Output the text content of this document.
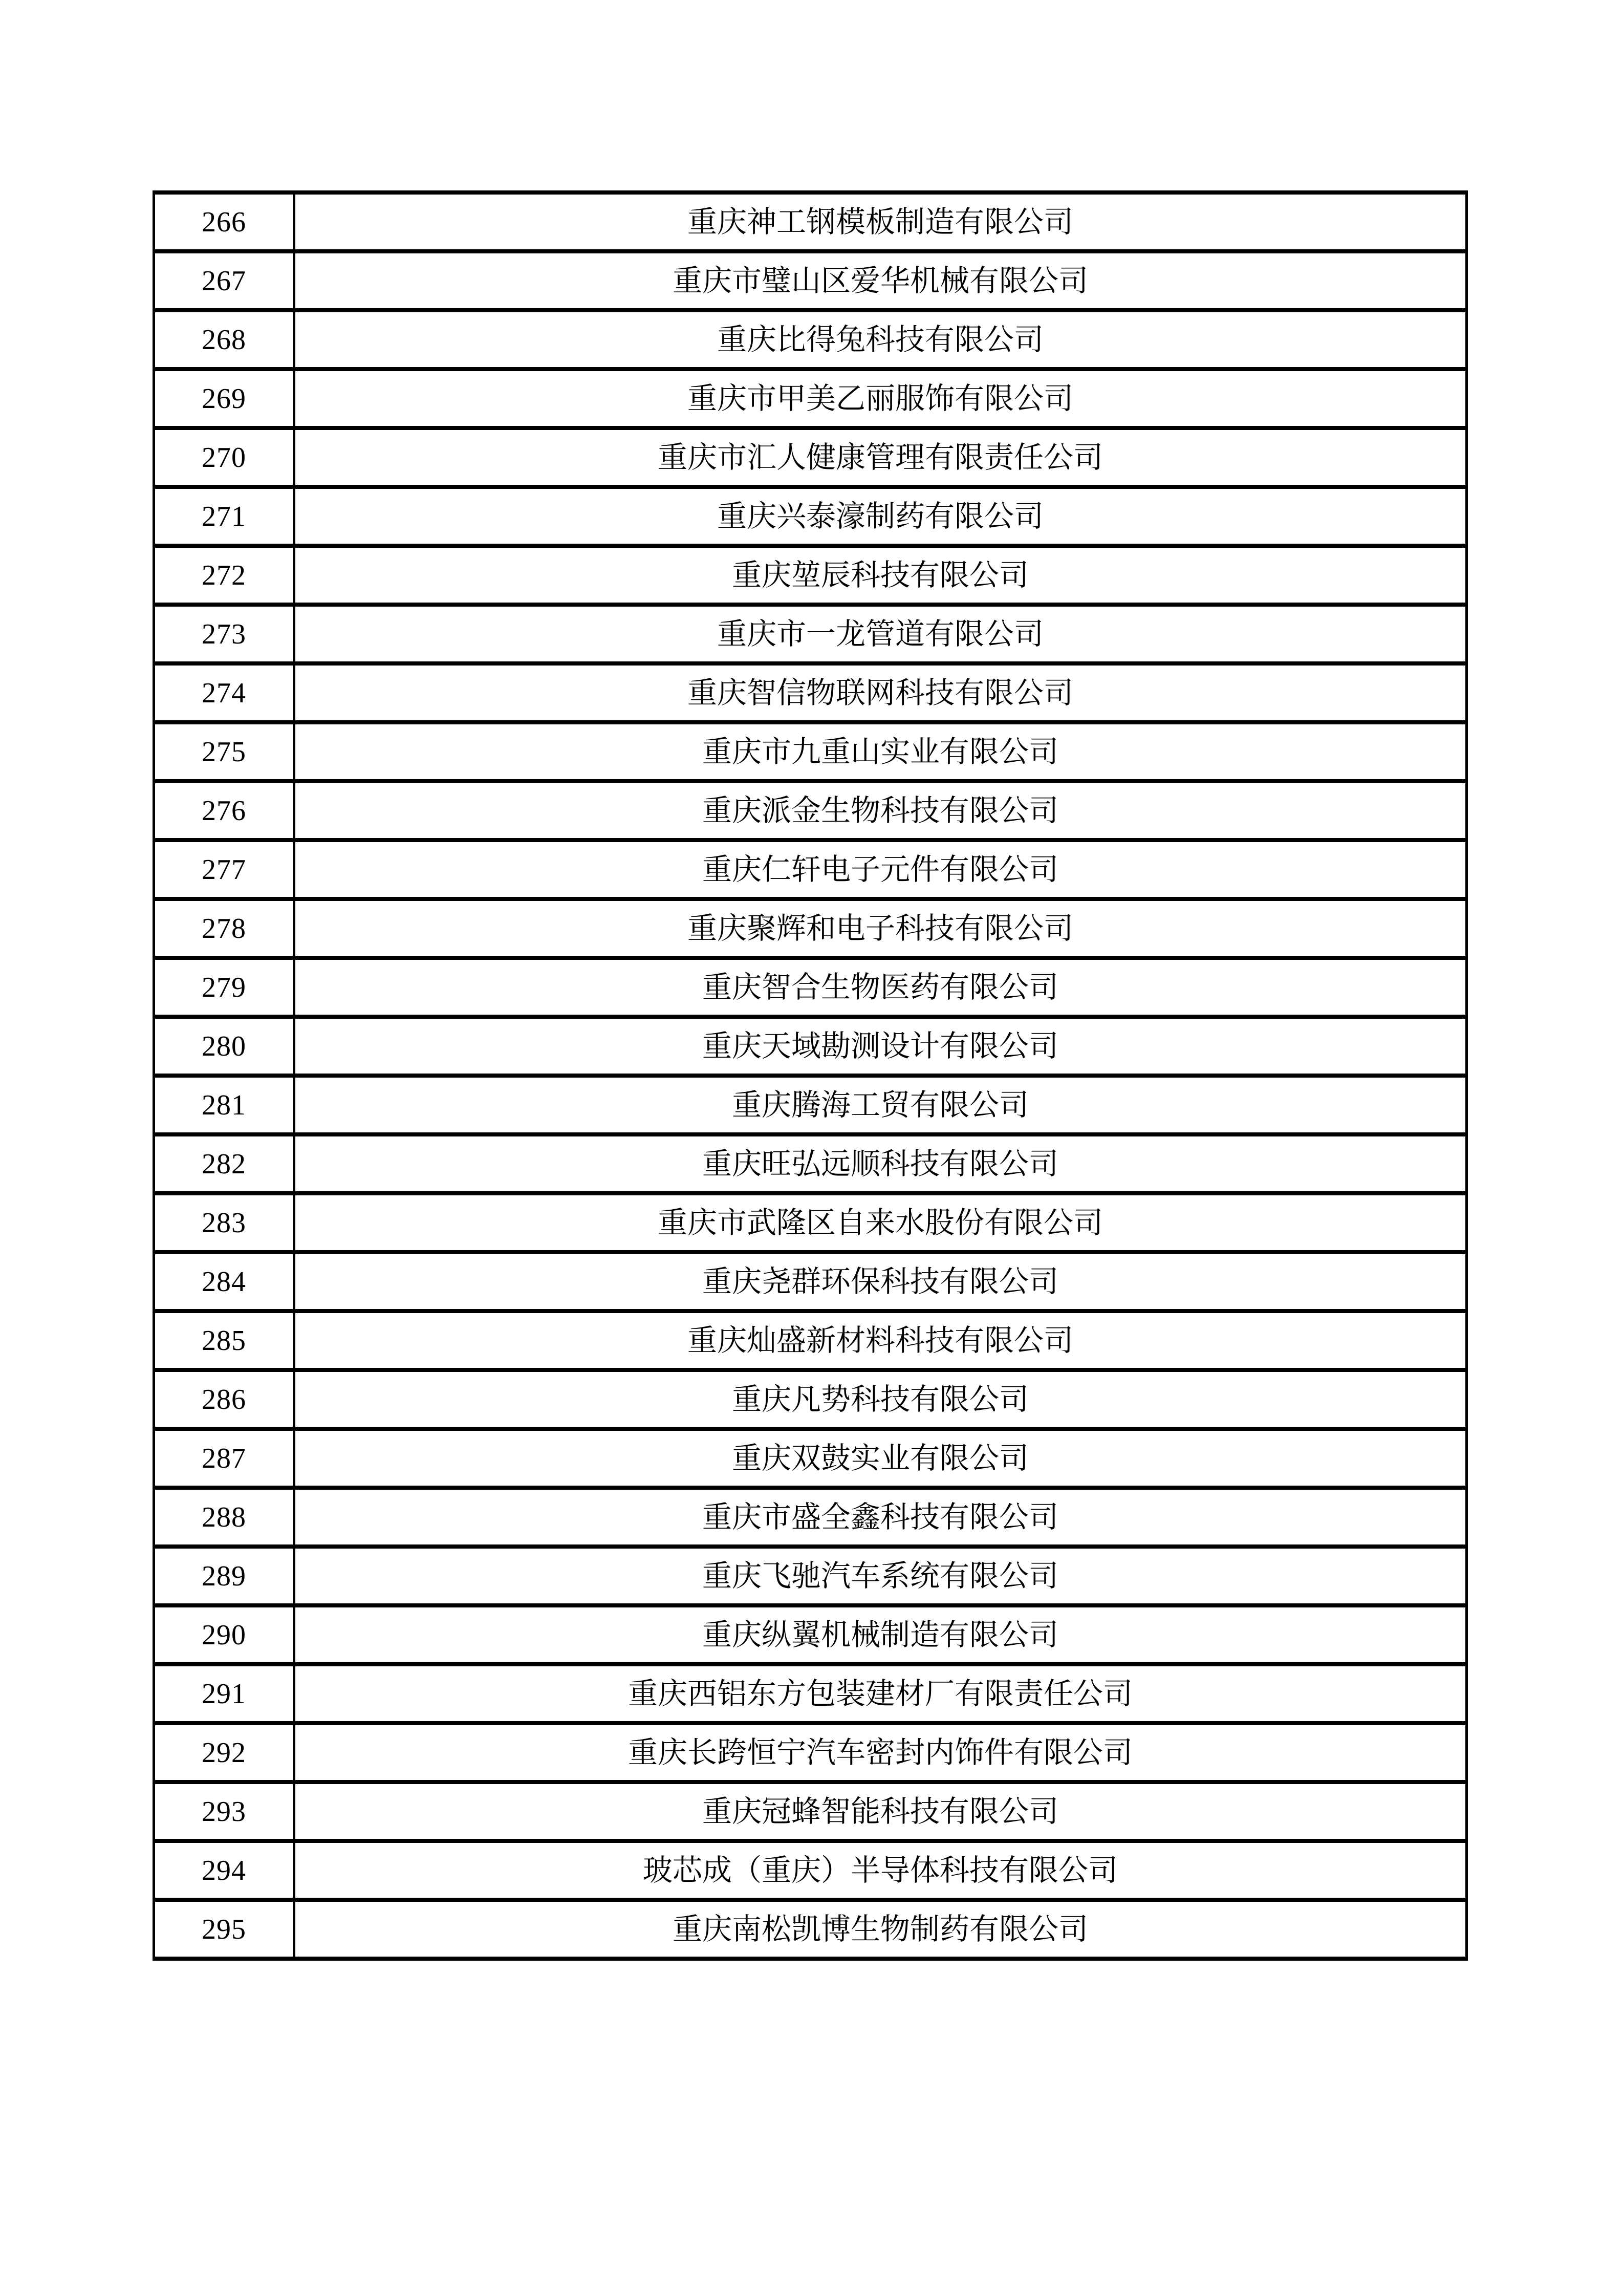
266	重庆神工钢模板制造有限公司
267	重庆市璧山区爱华机械有限公司
268	重庆比得兔科技有限公司
269	重庆市甲美乙丽服饰有限公司
270	重庆市汇人健康管理有限责任公司
271	重庆兴泰濠制药有限公司
272	重庆堃辰科技有限公司
273	重庆市一龙管道有限公司
274	重庆智信物联网科技有限公司
275	重庆市九重山实业有限公司
276	重庆派金生物科技有限公司
277	重庆仁轩电子元件有限公司
278	重庆聚辉和电子科技有限公司
279	重庆智合生物医药有限公司
280	重庆天域勘测设计有限公司
281	重庆腾海工贸有限公司
282	重庆旺弘远顺科技有限公司
283	重庆市武隆区自来水股份有限公司
284	重庆尧群环保科技有限公司
285	重庆灿盛新材料科技有限公司
286	重庆凡势科技有限公司
287	重庆双鼓实业有限公司
288	重庆市盛全鑫科技有限公司
289	重庆飞驰汽车系统有限公司
290	重庆纵翼机械制造有限公司
291	重庆西铝东方包装建材厂有限责任公司
292	重庆长跨恒宁汽车密封内饰件有限公司
293	重庆冠蜂智能科技有限公司
294	玻芯成（重庆）半导体科技有限公司
295	重庆南松凯博生物制药有限公司
